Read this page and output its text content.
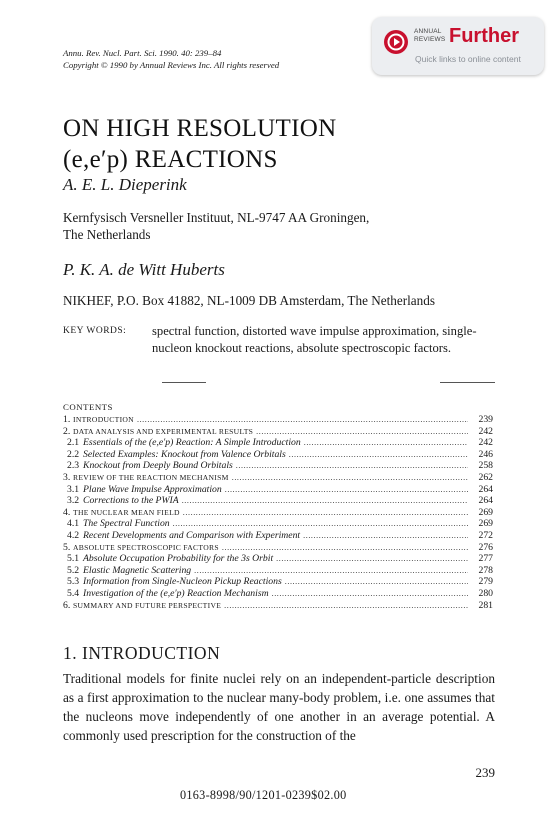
ANNUAL
REVIEWS Further
Quick links to online content
Annu. Rev. Nucl. Part. Sci. 1990. 40: 239–84
Copyright © 1990 by Annual Reviews Inc. All rights reserved
ON HIGH RESOLUTION
(e,e′p) REACTIONS
A. E. L. Dieperink
Kernfysisch Versneller Instituut, NL-9747 AA Groningen,
The Netherlands
P. K. A. de Witt Huberts
NIKHEF, P.O. Box 41882, NL-1009 DB Amsterdam, The Netherlands
KEY WORDS: spectral function, distorted wave impulse approximation, single-
nucleon knockout reactions, absolute spectroscopic factors.
CONTENTS
1. INTRODUCTION .....	239
2. DATA ANALYSIS AND EXPERIMENTAL RESULTS .....	242
2.1 Essentials of the (e,e′p) Reaction: A Simple Introduction .....	242
2.2 Selected Examples: Knockout from Valence Orbitals .....	246
2.3 Knockout from Deeply Bound Orbitals .....	258
3. REVIEW OF THE REACTION MECHANISM .....	262
3.1 Plane Wave Impulse Approximation .....	264
3.2 Corrections to the PWIA .....	264
4. THE NUCLEAR MEAN FIELD .....	269
4.1 The Spectral Function .....	269
4.2 Recent Developments and Comparison with Experiment .....	272
5. ABSOLUTE SPECTROSCOPIC FACTORS .....	276
5.1 Absolute Occupation Probability for the 3s Orbit .....	277
5.2 Elastic Magnetic Scattering .....	278
5.3 Information from Single-Nucleon Pickup Reactions .....	279
5.4 Investigation of the (e,e′p) Reaction Mechanism .....	280
6. SUMMARY AND FUTURE PERSPECTIVE .....	281
1. INTRODUCTION
Traditional models for finite nuclei rely on an independent-particle description as a first approximation to the nuclear many-body problem, i.e. one assumes that the nucleons move independently of one another in an average potential. A commonly used prescription for the construction of the
239
0163-8998/90/1201-0239$02.00
